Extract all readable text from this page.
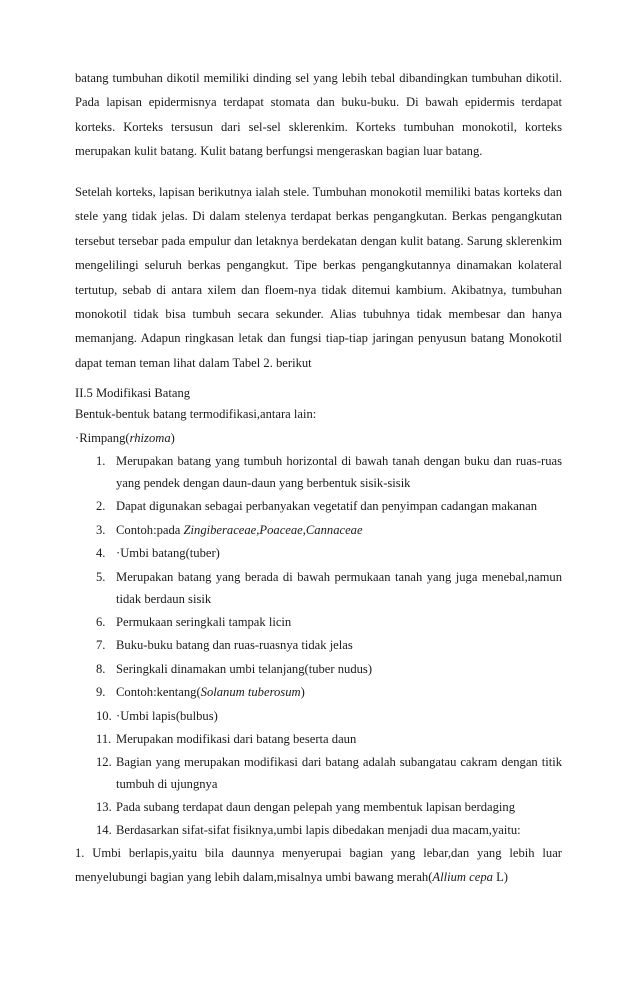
batang tumbuhan dikotil memiliki dinding sel yang lebih tebal dibandingkan tumbuhan dikotil. Pada lapisan epidermisnya terdapat stomata dan buku-buku. Di bawah epidermis terdapat korteks. Korteks tersusun dari sel-sel sklerenkim. Korteks tumbuhan monokotil, korteks merupakan kulit batang. Kulit batang berfungsi mengeraskan bagian luar batang.
Setelah korteks, lapisan berikutnya ialah stele. Tumbuhan monokotil memiliki batas korteks dan stele yang tidak jelas. Di dalam stelenya terdapat berkas pengangkutan. Berkas pengangkutan tersebut tersebar pada empulur dan letaknya berdekatan dengan kulit batang. Sarung sklerenkim mengelilingi seluruh berkas pengangkut. Tipe berkas pengangkutannya dinamakan kolateral tertutup, sebab di antara xilem dan floem-nya tidak ditemui kambium. Akibatnya, tumbuhan monokotil tidak bisa tumbuh secara sekunder. Alias tubuhnya tidak membesar dan hanya memanjang. Adapun ringkasan letak dan fungsi tiap-tiap jaringan penyusun batang Monokotil dapat teman teman lihat dalam Tabel 2. berikut
II.5 Modifikasi Batang
Bentuk-bentuk batang termodifikasi,antara lain:
·Rimpang(rhizoma)
1. Merupakan batang yang tumbuh horizontal di bawah tanah dengan buku dan ruas-ruas yang pendek dengan daun-daun yang berbentuk sisik-sisik
2. Dapat digunakan sebagai perbanyakan vegetatif dan penyimpan cadangan makanan
3. Contoh:pada Zingiberaceae,Poaceae,Cannaceae
4. ·Umbi batang(tuber)
5. Merupakan batang yang berada di bawah permukaan tanah yang juga menebal,namun tidak berdaun sisik
6. Permukaan seringkali tampak licin
7. Buku-buku batang dan ruas-ruasnya tidak jelas
8. Seringkali dinamakan umbi telanjang(tuber nudus)
9. Contoh:kentang(Solanum tuberosum)
10. ·Umbi lapis(bulbus)
11. Merupakan modifikasi dari batang beserta daun
12. Bagian yang merupakan modifikasi dari batang adalah subangatau cakram dengan titik tumbuh di ujungnya
13. Pada subang terdapat daun dengan pelepah yang membentuk lapisan berdaging
14. Berdasarkan sifat-sifat fisiknya,umbi lapis dibedakan menjadi dua macam,yaitu:
1. Umbi berlapis,yaitu bila daunnya menyerupai bagian yang lebar,dan yang lebih luar menyelubungi bagian yang lebih dalam,misalnya umbi bawang merah(Allium cepa L)
